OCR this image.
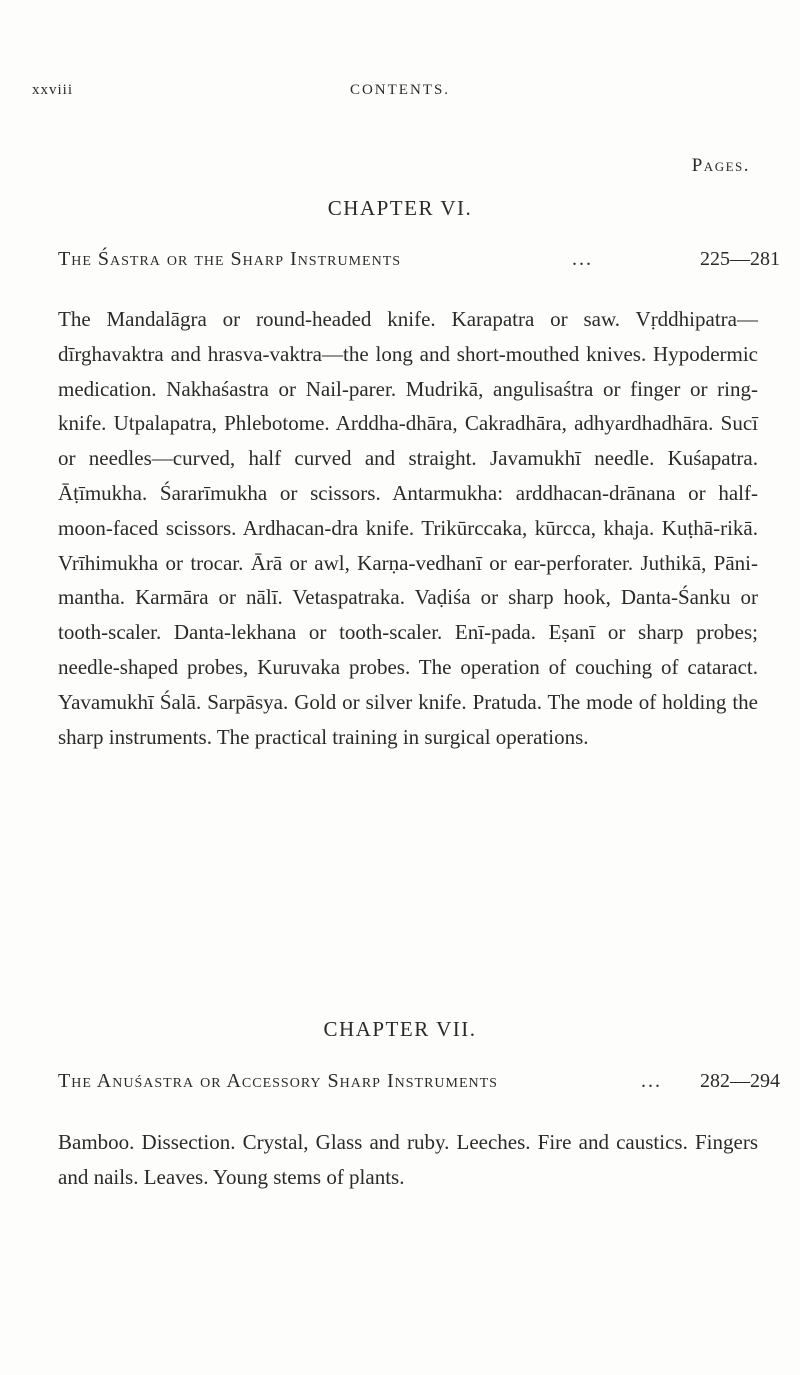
xxviii	CONTENTS.
Pages.
CHAPTER VI.
The Śastra or the Sharp Instruments	...	225—281

The Mandalāgra or round-headed knife. Karapatra or saw. Vṛddhipatra—dīrghavaktra and hrasva-vaktra—the long and short-mouthed knives. Hypodermic medication. Nakhaśastra or Nail-parer. Mudrikā, angulisaśtra or finger or ring-knife. Utpalapatra, Phlebotome. Arddha-dhāra, Cakradhāra, adhyardhadhāra. Sucī or needles—curved, half curved and straight. Javamukhī needle. Kuśapatra. Āṭīmukha. Śararīmukha or scissors. Antarmukha: arddhacan-drānana or half-moon-faced scissors. Ardhacan-dra knife. Trikūrccaka, kūrcca, khaja. Kuṭhā-rikā. Vrīhimukha or trocar. Ārā or awl, Karṇa-vedhanī or ear-perforater. Juthikā, Pāni-mantha. Karmāra or nālī. Vetaspatraka. Vaḍiśa or sharp hook, Danta-Śanku or tooth-scaler. Danta-lekhana or tooth-scaler. Enī-pada. Eṣanī or sharp probes; needle-shaped probes, Kuruvaka probes. The operation of couching of cataract. Yavamukhī Śalā. Sarpāsya. Gold or silver knife. Pratuda. The mode of holding the sharp instruments. The practical training in surgical operations.

CHAPTER VII.
The Anuśastra or Accessory Sharp Instruments	... 282—294

Bamboo. Dissection. Crystal, Glass and ruby. Leeches. Fire and caustics. Fingers and nails. Leaves. Young stems of plants.
